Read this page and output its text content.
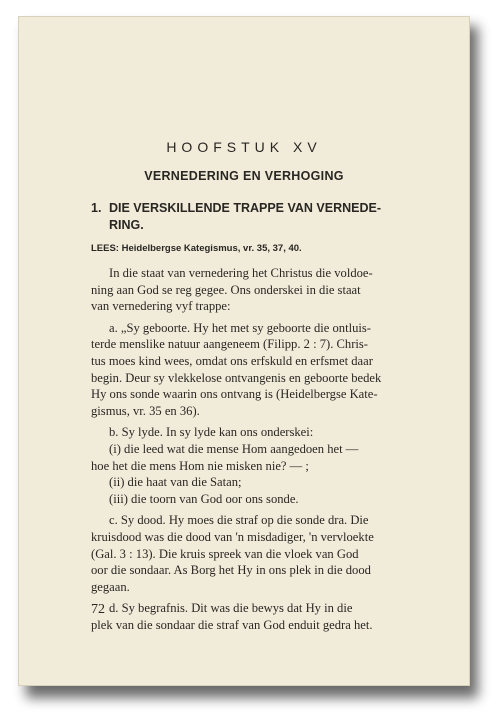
HOOFSTUK XV
VERNEDERING EN VERHOGING
1. DIE VERSKILLENDE TRAPPE VAN VERNEDE-
RING.
LEES: Heidelbergse Kategismus, vr. 35, 37, 40.
In die staat van vernedering het Christus die voldoe-
ning aan God se reg gegee. Ons onderskei in die staat
van vernedering vyf trappe:
a. „Sy geboorte. Hy het met sy geboorte die ontluis-
terde menslike natuur aangeneem (Filipp. 2 : 7). Chris-
tus moes kind wees, omdat ons erfskuld en erfsmet daar
begin. Deur sy vlekkelose ontvangenis en geboorte bedek
Hy ons sonde waarin ons ontvang is (Heidelbergse Kate-
gismus, vr. 35 en 36).
b. Sy lyde. In sy lyde kan ons onderskei:
(i) die leed wat die mense Hom aangedoen het —
hoe het die mens Hom nie misken nie? — ;
(ii) die haat van die Satan;
(iii) die toorn van God oor ons sonde.
c. Sy dood. Hy moes die straf op die sonde dra. Die
kruisdood was die dood van 'n misdadiger, 'n vervloekte
(Gal. 3 : 13). Die kruis spreek van die vloek van God
oor die sondaar. As Borg het Hy in ons plek in die dood
gegaan.
d. Sy begrafnis. Dit was die bewys dat Hy in die
plek van die sondaar die straf van God enduit gedra het.
72
